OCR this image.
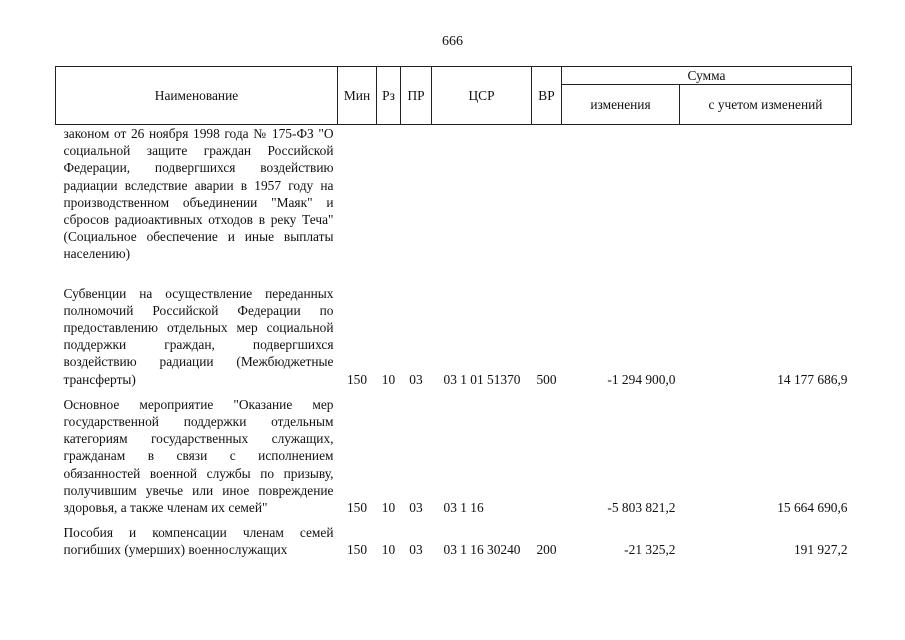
666
Наименование	Мин	Рз	ПР	ЦСР	ВР	Сумма	
						изменения	с учетом изменений
законом от 26 ноября 1998 года № 175-ФЗ "О социальной защите граждан Российской Федерации, подвергшихся воздействию радиации вследствие аварии в 1957 году на производственном объединении "Маяк" и сбросов радиоактивных отходов в реку Теча" (Социальное обеспечение и иные выплаты населению)							

Субвенции на осуществление переданных полномочий Российской Федерации по предоставлению отдельных мер социальной поддержки граждан, подвергшихся воздействию радиации (Межбюджетные трансферты)	150	10	03	03 1 01 51370	500	-1 294 900,0	14 177 686,9

Основное мероприятие "Оказание мер государственной поддержки отдельным категориям государственных служащих, гражданам в связи с исполнением обязанностей военной службы по призыву, получившим увечье или иное повреждение здоровья, а также членам их семей"	150	10	03	03 1 16		-5 803 821,2	15 664 690,6

Пособия и компенсации членам семей погибших (умерших) военнослужащих	150	10	03	03 1 16 30240	200	-21 325,2	191 927,2
